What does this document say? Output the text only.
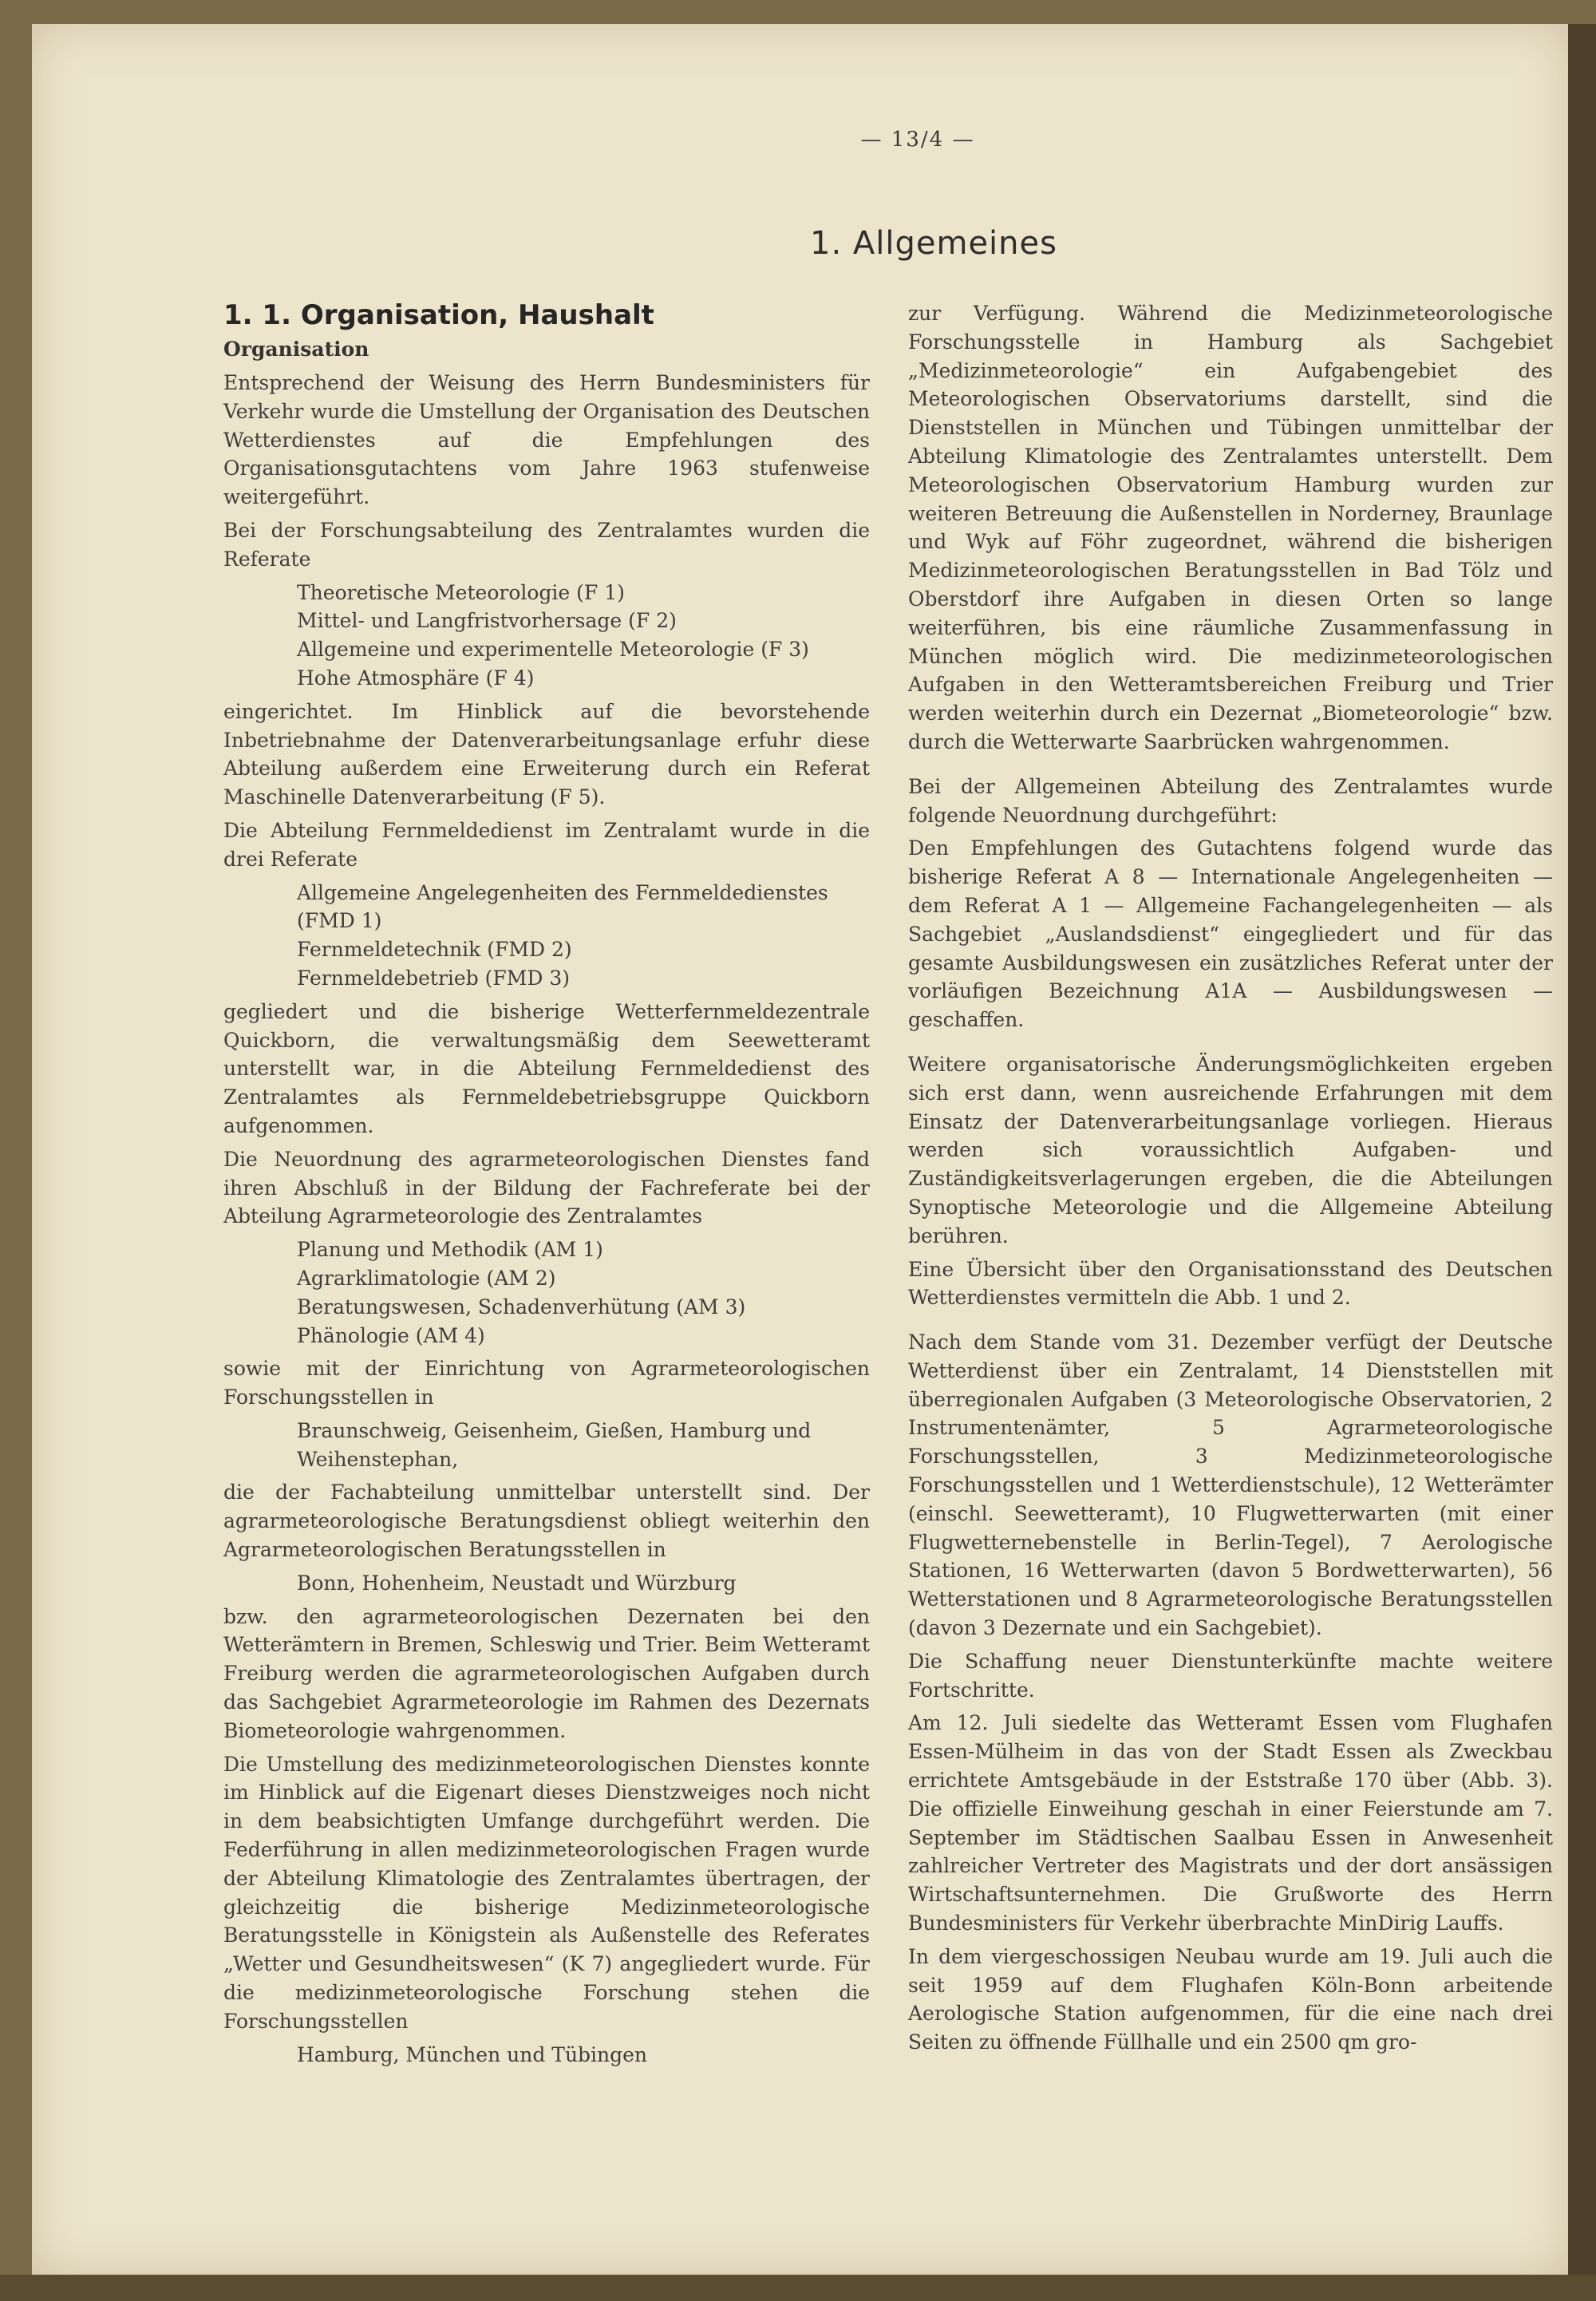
— 13/4 —
1. Allgemeines
1. 1. Organisation, Haushalt
Organisation

Entsprechend der Weisung des Herrn Bundesministers für Verkehr wurde die Umstellung der Organisation des Deutschen Wetterdienstes auf die Empfehlungen des Organisationsgutachtens vom Jahre 1963 stufenweise weitergeführt.

Bei der Forschungsabteilung des Zentralamtes wurden die Referate

Theoretische Meteorologie (F 1)
Mittel- und Langfristvorhersage (F 2)
Allgemeine und experimentelle Meteorologie (F 3)
Hohe Atmosphäre (F 4)

eingerichtet. Im Hinblick auf die bevorstehende Inbetriebnahme der Datenverarbeitungsanlage erfuhr diese Abteilung außerdem eine Erweiterung durch ein Referat Maschinelle Datenverarbeitung (F 5).

Die Abteilung Fernmeldedienst im Zentralamt wurde in die drei Referate

Allgemeine Angelegenheiten des Fernmeldedienstes (FMD 1)
Fernmeldetechnik (FMD 2)
Fernmeldebetrieb (FMD 3)

gegliedert und die bisherige Wetterfernmeldezentrale Quickborn, die verwaltungsmäßig dem Seewetteramt unterstellt war, in die Abteilung Fernmeldedienst des Zentralamtes als Fernmeldebetriebsgruppe Quickborn aufgenommen.

Die Neuordnung des agrarmeteorologischen Dienstes fand ihren Abschluß in der Bildung der Fachreferate bei der Abteilung Agrarmeteorologie des Zentralamtes

Planung und Methodik (AM 1)
Agrarklimatologie (AM 2)
Beratungswesen, Schadenverhütung (AM 3)
Phänologie (AM 4)

sowie mit der Einrichtung von Agrarmeteorologischen Forschungsstellen in

Braunschweig, Geisenheim, Gießen, Hamburg und Weihenstephan,

die der Fachabteilung unmittelbar unterstellt sind. Der agrarmeteorologische Beratungsdienst obliegt weiterhin den Agrarmeteorologischen Beratungsstellen in

Bonn, Hohenheim, Neustadt und Würzburg

bzw. den agrarmeteorologischen Dezernaten bei den Wetterämtern in Bremen, Schleswig und Trier. Beim Wetteramt Freiburg werden die agrarmeteorologischen Aufgaben durch das Sachgebiet Agrarmeteorologie im Rahmen des Dezernats Biometeorologie wahrgenommen.

Die Umstellung des medizinmeteorologischen Dienstes konnte im Hinblick auf die Eigenart dieses Dienstzweiges noch nicht in dem beabsichtigten Umfange durchgeführt werden. Die Federführung in allen medizinmeteorologischen Fragen wurde der Abteilung Klimatologie des Zentralamtes übertragen, der gleichzeitig die bisherige Medizinmeteorologische Beratungsstelle in Königstein als Außenstelle des Referates „Wetter und Gesundheitswesen“ (K 7) angegliedert wurde. Für die medizinmeteorologische Forschung stehen die Forschungsstellen

Hamburg, München und Tübingen

zur Verfügung. Während die Medizinmeteorologische Forschungsstelle in Hamburg als Sachgebiet „Medizinmeteorologie“ ein Aufgabengebiet des Meteorologischen Observatoriums darstellt, sind die Dienststellen in München und Tübingen unmittelbar der Abteilung Klimatologie des Zentralamtes unterstellt. Dem Meteorologischen Observatorium Hamburg wurden zur weiteren Betreuung die Außenstellen in Norderney, Braunlage und Wyk auf Föhr zugeordnet, während die bisherigen Medizinmeteorologischen Beratungsstellen in Bad Tölz und Oberstdorf ihre Aufgaben in diesen Orten so lange weiterführen, bis eine räumliche Zusammenfassung in München möglich wird. Die medizinmeteorologischen Aufgaben in den Wetteramtsbereichen Freiburg und Trier werden weiterhin durch ein Dezernat „Biometeorologie“ bzw. durch die Wetterwarte Saarbrücken wahrgenommen.

Bei der Allgemeinen Abteilung des Zentralamtes wurde folgende Neuordnung durchgeführt:

Den Empfehlungen des Gutachtens folgend wurde das bisherige Referat A 8 — Internationale Angelegenheiten — dem Referat A 1 — Allgemeine Fachangelegenheiten — als Sachgebiet „Auslandsdienst“ eingegliedert und für das gesamte Ausbildungswesen ein zusätzliches Referat unter der vorläufigen Bezeichnung A1A — Ausbildungswesen — geschaffen.

Weitere organisatorische Änderungsmöglichkeiten ergeben sich erst dann, wenn ausreichende Erfahrungen mit dem Einsatz der Datenverarbeitungsanlage vorliegen. Hieraus werden sich voraussichtlich Aufgaben- und Zuständigkeitsverlagerungen ergeben, die die Abteilungen Synoptische Meteorologie und die Allgemeine Abteilung berühren.

Eine Übersicht über den Organisationsstand des Deutschen Wetterdienstes vermitteln die Abb. 1 und 2.

Nach dem Stande vom 31. Dezember verfügt der Deutsche Wetterdienst über ein Zentralamt, 14 Dienststellen mit überregionalen Aufgaben (3 Meteorologische Observatorien, 2 Instrumentenämter, 5 Agrarmeteorologische Forschungsstellen, 3 Medizinmeteorologische Forschungsstellen und 1 Wetterdienstschule), 12 Wetterämter (einschl. Seewetteramt), 10 Flugwetterwarten (mit einer Flugwetternebenstelle in Berlin-Tegel), 7 Aerologische Stationen, 16 Wetterwarten (davon 5 Bordwetterwarten), 56 Wetterstationen und 8 Agrarmeteorologische Beratungsstellen (davon 3 Dezernate und ein Sachgebiet).

Die Schaffung neuer Dienstunterkünfte machte weitere Fortschritte.

Am 12. Juli siedelte das Wetteramt Essen vom Flughafen Essen-Mülheim in das von der Stadt Essen als Zweckbau errichtete Amtsgebäude in der Eststraße 170 über (Abb. 3). Die offizielle Einweihung geschah in einer Feierstunde am 7. September im Städtischen Saalbau Essen in Anwesenheit zahlreicher Vertreter des Magistrats und der dort ansässigen Wirtschaftsunternehmen. Die Grußworte des Herrn Bundesministers für Verkehr überbrachte MinDirig Lauffs.

In dem viergeschossigen Neubau wurde am 19. Juli auch die seit 1959 auf dem Flughafen Köln-Bonn arbeitende Aerologische Station aufgenommen, für die eine nach drei Seiten zu öffnende Füllhalle und ein 2500 qm gro-
